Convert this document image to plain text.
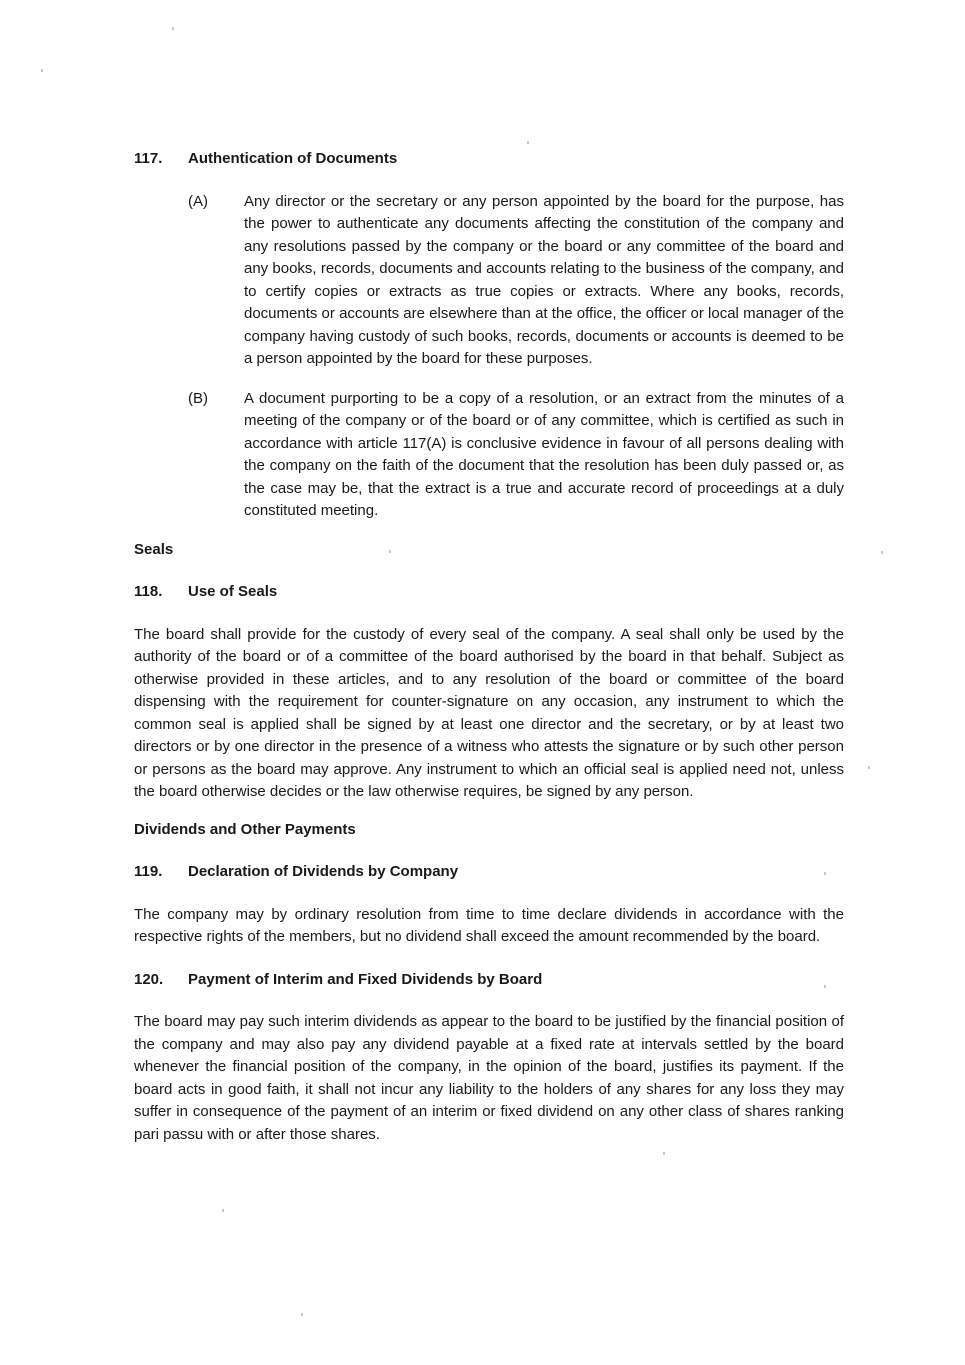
117. Authentication of Documents
(A) Any director or the secretary or any person appointed by the board for the purpose, has the power to authenticate any documents affecting the constitution of the company and any resolutions passed by the company or the board or any committee of the board and any books, records, documents and accounts relating to the business of the company, and to certify copies or extracts as true copies or extracts. Where any books, records, documents or accounts are elsewhere than at the office, the officer or local manager of the company having custody of such books, records, documents or accounts is deemed to be a person appointed by the board for these purposes.
(B) A document purporting to be a copy of a resolution, or an extract from the minutes of a meeting of the company or of the board or of any committee, which is certified as such in accordance with article 117(A) is conclusive evidence in favour of all persons dealing with the company on the faith of the document that the resolution has been duly passed or, as the case may be, that the extract is a true and accurate record of proceedings at a duly constituted meeting.
Seals
118. Use of Seals

The board shall provide for the custody of every seal of the company. A seal shall only be used by the authority of the board or of a committee of the board authorised by the board in that behalf. Subject as otherwise provided in these articles, and to any resolution of the board or committee of the board dispensing with the requirement for counter-signature on any occasion, any instrument to which the common seal is applied shall be signed by at least one director and the secretary, or by at least two directors or by one director in the presence of a witness who attests the signature or by such other person or persons as the board may approve. Any instrument to which an official seal is applied need not, unless the board otherwise decides or the law otherwise requires, be signed by any person.

Dividends and Other Payments
119. Declaration of Dividends by Company

The company may by ordinary resolution from time to time declare dividends in accordance with the respective rights of the members, but no dividend shall exceed the amount recommended by the board.

120. Payment of Interim and Fixed Dividends by Board

The board may pay such interim dividends as appear to the board to be justified by the financial position of the company and may also pay any dividend payable at a fixed rate at intervals settled by the board whenever the financial position of the company, in the opinion of the board, justifies its payment. If the board acts in good faith, it shall not incur any liability to the holders of any shares for any loss they may suffer in consequence of the payment of an interim or fixed dividend on any other class of shares ranking pari passu with or after those shares.
